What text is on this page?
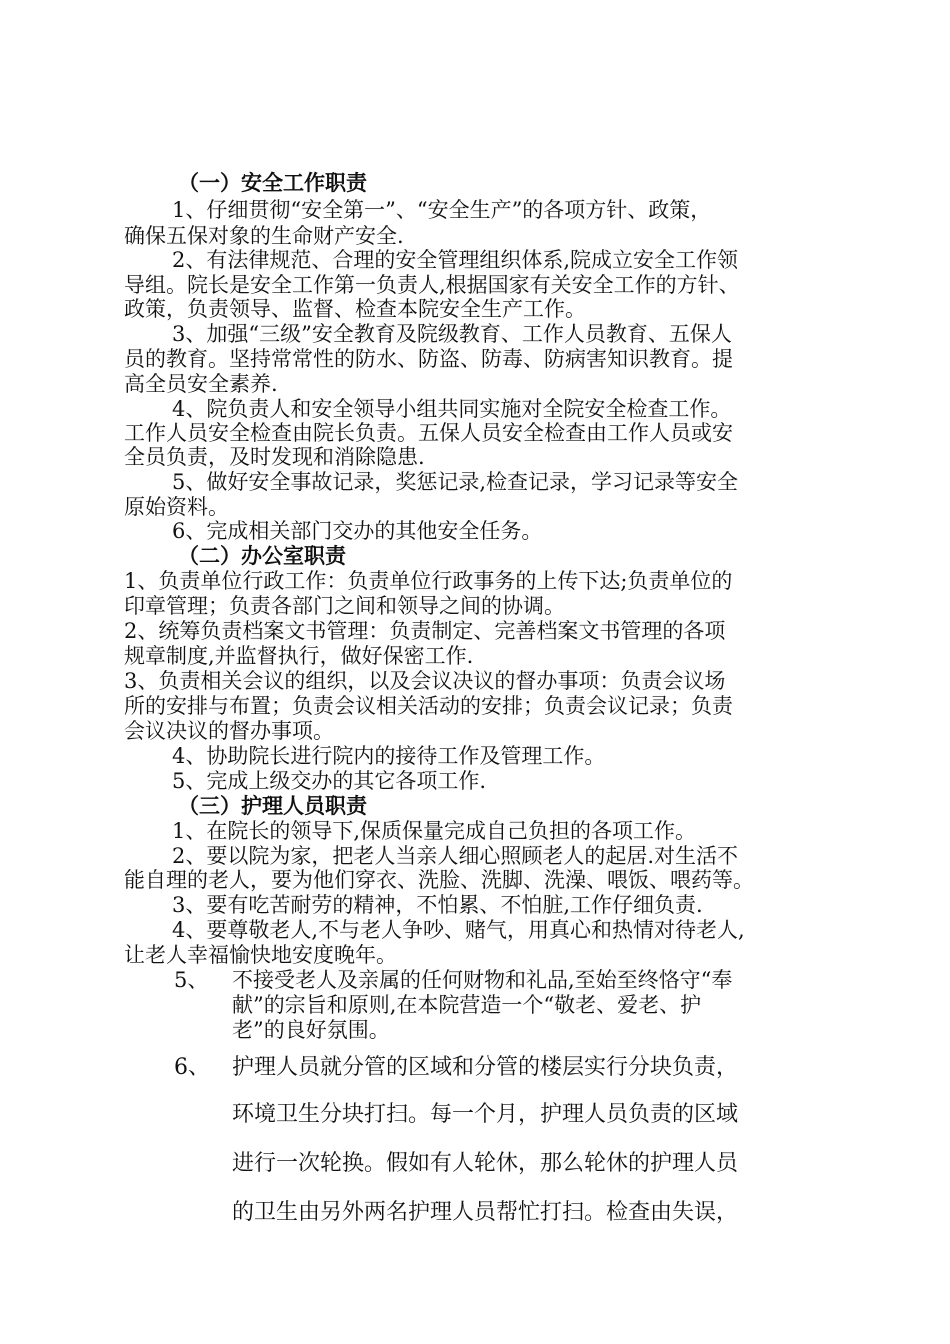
（一）安全工作职责
1、仔细贯彻“安全第一”、“安全生产”的各项方针、政策，
确保五保对象的生命财产安全.
2、有法律规范、合理的安全管理组织体系,院成立安全工作领
导组。院长是安全工作第一负责人,根据国家有关安全工作的方针、
政策，负责领导、监督、检查本院安全生产工作。
3、加强“三级”安全教育及院级教育、工作人员教育、五保人
员的教育。坚持常常性的防水、防盗、防毒、防病害知识教育。提
高全员安全素养.
4、院负责人和安全领导小组共同实施对全院安全检查工作。
工作人员安全检查由院长负责。五保人员安全检查由工作人员或安
全员负责，及时发现和消除隐患.
5、做好安全事故记录，奖惩记录,检查记录，学习记录等安全
原始资料。
6、完成相关部门交办的其他安全任务。
（二）办公室职责
1、负责单位行政工作：负责单位行政事务的上传下达;负责单位的
印章管理；负责各部门之间和领导之间的协调。
2、统筹负责档案文书管理：负责制定、完善档案文书管理的各项
规章制度,并监督执行，做好保密工作.
3、负责相关会议的组织，以及会议决议的督办事项：负责会议场
所的安排与布置；负责会议相关活动的安排；负责会议记录；负责
会议决议的督办事项。
4、协助院长进行院内的接待工作及管理工作。
5、完成上级交办的其它各项工作.
（三）护理人员职责
1、在院长的领导下,保质保量完成自己负担的各项工作。
2、要以院为家，把老人当亲人细心照顾老人的起居.对生活不
能自理的老人，要为他们穿衣、洗脸、洗脚、洗澡、喂饭、喂药等。
3、要有吃苦耐劳的精神，不怕累、不怕脏,工作仔细负责.
4、要尊敬老人,不与老人争吵、赌气，用真心和热情对待老人,
让老人幸福愉快地安度晚年。
5、 不接受老人及亲属的任何财物和礼品,至始至终恪守“奉
献”的宗旨和原则,在本院营造一个“敬老、爱老、护
老”的良好氛围。
6、 护理人员就分管的区域和分管的楼层实行分块负责，
环境卫生分块打扫。每一个月，护理人员负责的区域
进行一次轮换。假如有人轮休，那么轮休的护理人员
的卫生由另外两名护理人员帮忙打扫。检查由失误，
